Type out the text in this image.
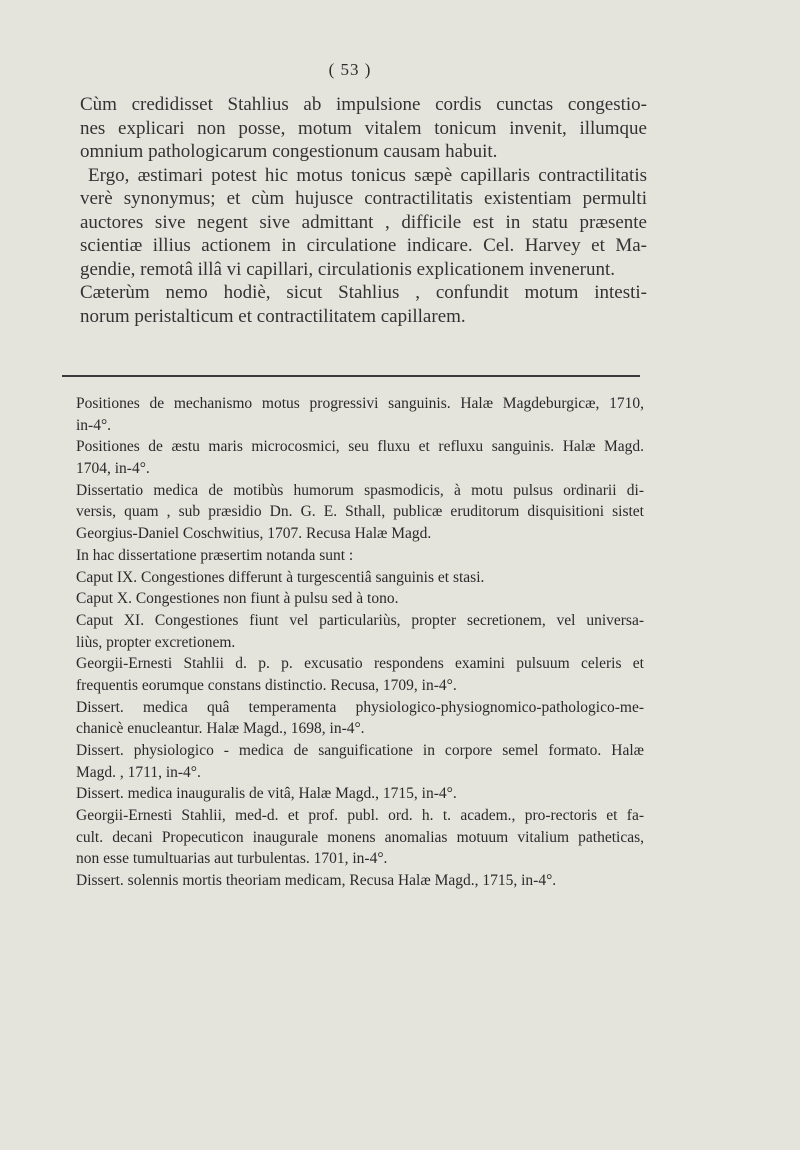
( 53 )
Cùm credidisset Stahlius ab impulsione cordis cunctas congestio-
nes explicari non posse, motum vitalem tonicum invenit, illumque
omnium pathologicarum congestionum causam habuit.
Ergo, æstimari potest hic motus tonicus sæpè capillaris contractilitatis
verè synonymus; et cùm hujusce contractilitatis existentiam permulti
auctores sive negent sive admittant , difficile est in statu præsente
scientiæ illius actionem in circulatione indicare. Cel. Harvey et Ma-
gendie, remotâ illâ vi capillari, circulationis explicationem invenerunt.
Cæterùm nemo hodiè, sicut Stahlius , confundit motum intesti-
norum peristalticum et contractilitatem capillarem.
Positiones de mechanismo motus progressivi sanguinis. Halæ Magdeburgicæ, 1710,
in-4°.
Positiones de æstu maris microcosmici, seu fluxu et refluxu sanguinis. Halæ Magd.
1704, in-4°.
Dissertatio medica de motibùs humorum spasmodicis, à motu pulsus ordinarii di-
versis, quam , sub præsidio Dn. G. E. Sthall, publicæ eruditorum disquisitioni sistet
Georgius-Daniel Coschwitius, 1707. Recusa Halæ Magd.
In hac dissertatione præsertim notanda sunt :
Caput IX. Congestiones differunt à turgescentiâ sanguinis et stasi.
Caput X. Congestiones non fiunt à pulsu sed à tono.
Caput XI. Congestiones fiunt vel particulariùs, propter secretionem, vel universa-
liùs, propter excretionem.
Georgii-Ernesti Stahlii d. p. p. excusatio respondens examini pulsuum celeris et
frequentis eorumque constans distinctio. Recusa, 1709, in-4°.
Dissert. medica quâ temperamenta physiologico-physiognomico-pathologico-me-
chanicè enucleantur. Halæ Magd., 1698, in-4°.
Dissert. physiologico - medica de sanguificatione in corpore semel formato. Halæ
Magd. , 1711, in-4°.
Dissert. medica inauguralis de vitâ, Halæ Magd., 1715, in-4°.
Georgii-Ernesti Stahlii, med-d. et prof. publ. ord. h. t. academ., pro-rectoris et fa-
cult. decani Propecuticon inaugurale monens anomalias motuum vitalium patheticas,
non esse tumultuarias aut turbulentas. 1701, in-4°.
Dissert. solennis mortis theoriam medicam, Recusa Halæ Magd., 1715, in-4°.
